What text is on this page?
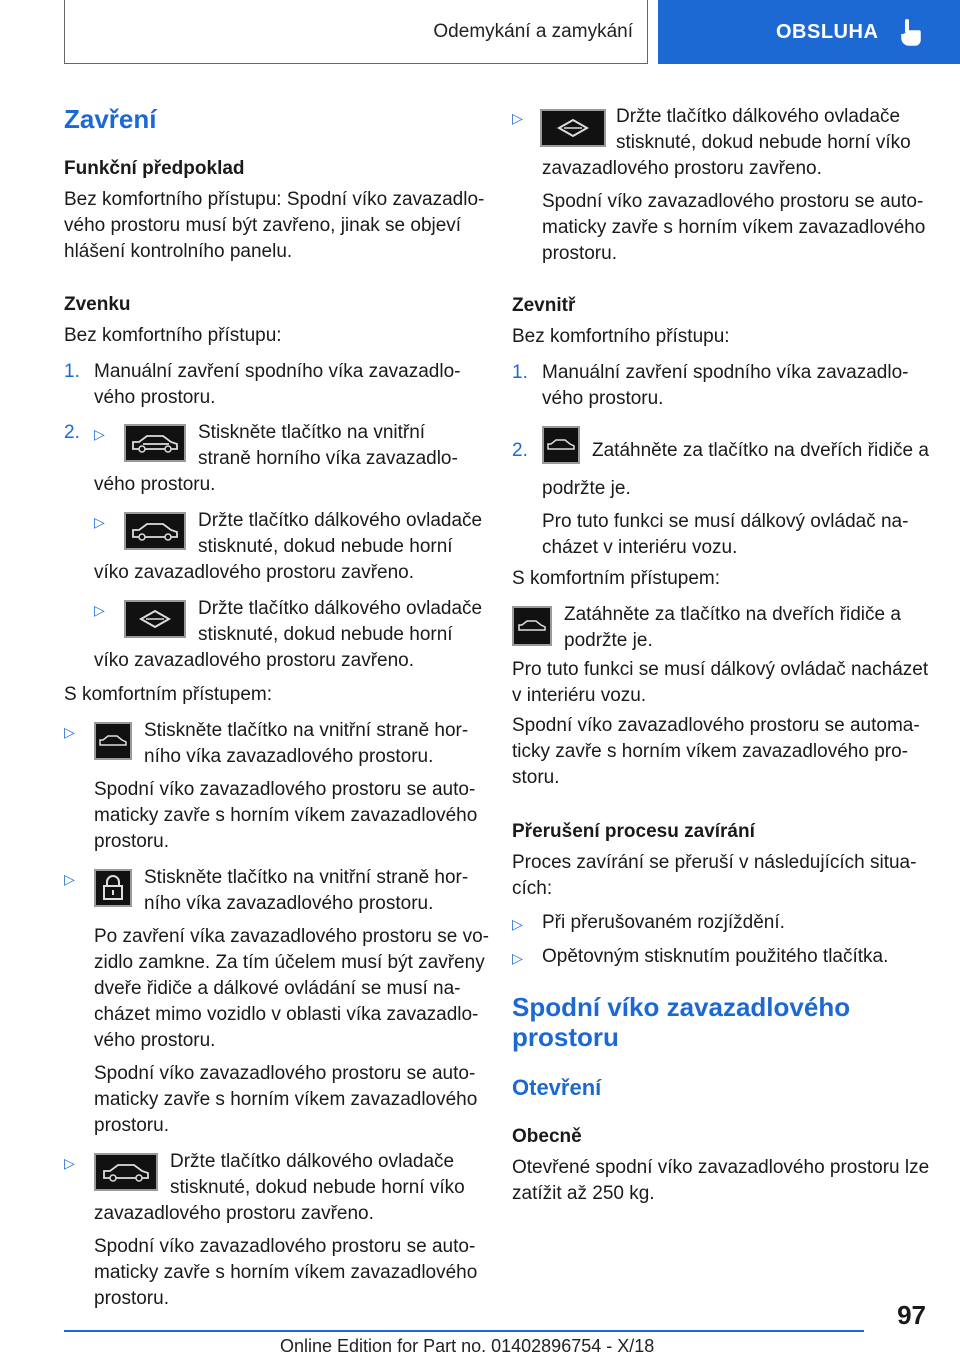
Odemykání a zamykání	OBSLUHA
Zavření
Funkční předpoklad

Bez komfortního přístupu: Spodní víko zavazadlo-
vého prostoru musí být zavřeno, jinak se objeví
hlášení kontrolního panelu.

Zvenku

Bez komfortního přístupu:

1. Manuální zavření spodního víka zavazadlo-
vého prostoru.
2. ▷	Stiskněte tlačítko na vnitřní
straně horního víka zavazadlo-
vého prostoru.
▷	Držte tlačítko dálkového ovladače
stisknuté, dokud nebude horní
víko zavazadlového prostoru zavřeno.
▷	Držte tlačítko dálkového ovladače
stisknuté, dokud nebude horní
víko zavazadlového prostoru zavřeno.

S komfortním přístupem:

▷	Stiskněte tlačítko na vnitřní straně hor-
ního víka zavazadlového prostoru.

Spodní víko zavazadlového prostoru se auto-
maticky zavře s horním víkem zavazadlového
prostoru.

▷	Stiskněte tlačítko na vnitřní straně hor-
ního víka zavazadlového prostoru.

Po zavření víka zavazadlového prostoru se vo-
zidlo zamkne. Za tím účelem musí být zavřeny
dveře řidiče a dálkové ovládání se musí na-
cházet mimo vozidlo v oblasti víka zavazadlo-
vého prostoru.

Spodní víko zavazadlového prostoru se auto-
maticky zavře s horním víkem zavazadlového
prostoru.

▷	Držte tlačítko dálkového ovladače
stisknuté, dokud nebude horní víko
zavazadlového prostoru zavřeno.

Spodní víko zavazadlového prostoru se auto-
maticky zavře s horním víkem zavazadlového
prostoru.

▷	Držte tlačítko dálkového ovladače
stisknuté, dokud nebude horní víko
zavazadlového prostoru zavřeno.

Spodní víko zavazadlového prostoru se auto-
maticky zavře s horním víkem zavazadlového
prostoru.

Zevnitř

Bez komfortního přístupu:

1. Manuální zavření spodního víka zavazadlo-
vého prostoru.
2.	Zatáhněte za tlačítko na dveřích řidiče a
podržte je.

Pro tuto funkci se musí dálkový ovládač na-
cházet v interiéru vozu.

S komfortním přístupem:

Zatáhněte za tlačítko na dveřích řidiče a
podržte je.

Pro tuto funkci se musí dálkový ovládač nacházet
v interiéru vozu.

Spodní víko zavazadlového prostoru se automa-
ticky zavře s horním víkem zavazadlového pro-
storu.

Přerušení procesu zavírání

Proces zavírání se přeruší v následujících situa-
cích:

▷ Při přerušovaném rozjíždění.
▷ Opětovným stisknutím použitého tlačítka.
Spodní víko zavazadlového
prostoru
Otevření
Obecně

Otevřené spodní víko zavazadlového prostoru lze
zatížit až 250 kg.

97
Online Edition for Part no. 01402896754 - X/18
